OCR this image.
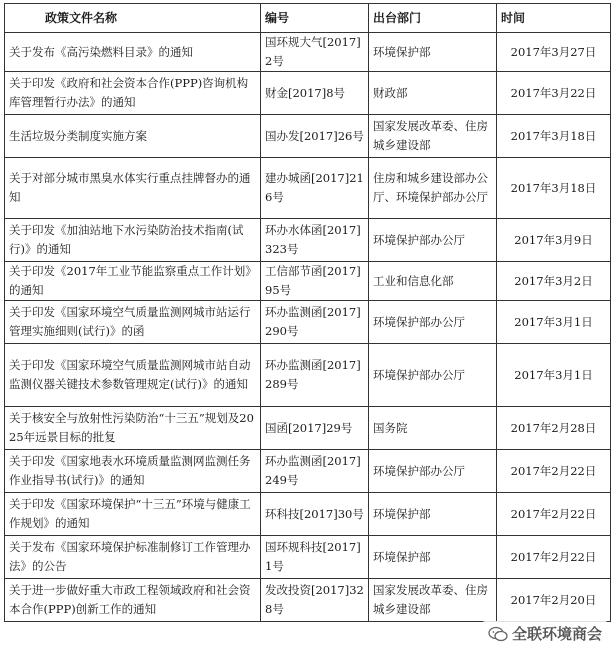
政策文件名称	编号	出台部门	时间
关于发布《高污染燃料目录》的通知	国环规大气[2017]2号	环境保护部	2017年3月27日
关于印发《政府和社会资本合作(PPP)咨询机构库管理暂行办法》的通知	财金[2017]8号	财政部	2017年3月22日
生活垃圾分类制度实施方案	国办发[2017]26号	国家发展改革委、住房城乡建设部	2017年3月18日
关于对部分城市黑臭水体实行重点挂牌督办的通知	建办城函[2017]216号	住房和城乡建设部办公厅、环境保护部办公厅	2017年3月18日
关于印发《加油站地下水污染防治技术指南(试行)》的通知	环办水体函[2017]323号	环境保护部办公厅	2017年3月9日
关于印发《2017年工业节能监察重点工作计划》的通知	工信部节函[2017]95号	工业和信息化部	2017年3月2日
关于印发《国家环境空气质量监测网城市站运行管理实施细则(试行)》的函	环办监测函[2017]290号	环境保护部办公厅	2017年3月1日
关于印发《国家环境空气质量监测网城市站自动监测仪器关键技术参数管理规定(试行)》的通知	环办监测函[2017]289号	环境保护部办公厅	2017年3月1日
关于核安全与放射性污染防治“十三五”规划及2025年远景目标的批复	国函[2017]29号	国务院	2017年2月28日
关于印发《国家地表水环境质量监测网监测任务作业指导书(试行)》的通知	环办监测函[2017]249号	环境保护部办公厅	2017年2月22日
关于印发《国家环境保护“十三五”环境与健康工作规划》的通知	环科技[2017]30号	环境保护部	2017年2月22日
关于发布《国家环境保护标准制修订工作管理办法》的公告	国环规科技[2017]1号	环境保护部	2017年2月22日
关于进一步做好重大市政工程领域政府和社会资本合作(PPP)创新工作的通知	发改投资[2017]328号	国家发展改革委、住房城乡建设部	2017年2月20日
全联环境商会
